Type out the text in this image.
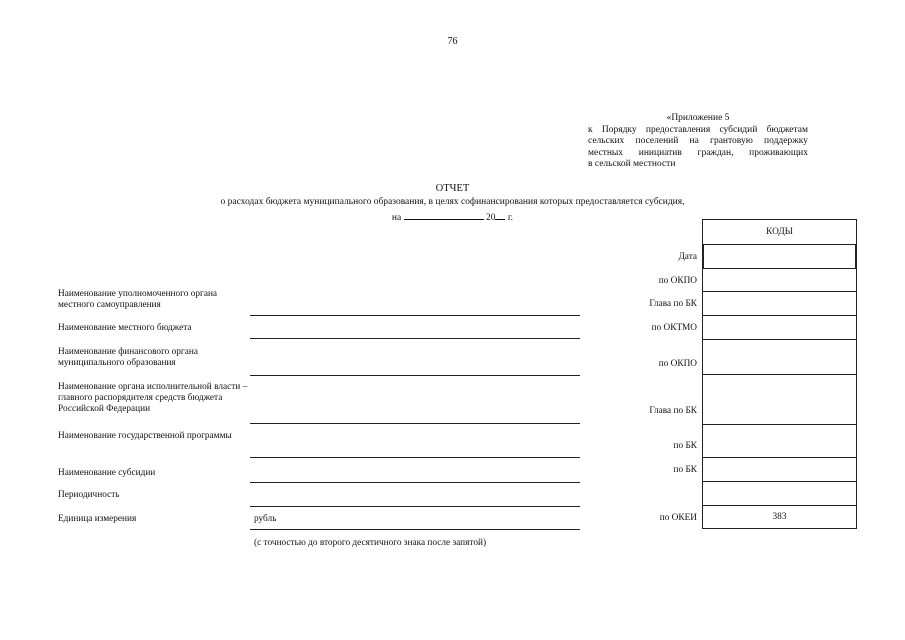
76
«Приложение 5
к Порядку предоставления субсидий бюджетам
сельских поселений на грантовую поддержку
местных инициатив граждан, проживающих
в сельской местности
ОТЧЕТ
о расходах бюджета муниципального образования, в целях софинансирования которых предоставляется субсидия,
на	20 г.
Наименование уполномоченного органа местного самоуправления
Наименование местного бюджета
Наименование финансового органа муниципального образования
Наименование органа исполнительной власти – главного распорядителя средств бюджета Российской Федерации
Наименование государственной программы
Наименование субсидии
Периодичность
Единица измерения	рубль
(с точностью до второго десятичного знака после запятой)
Дата
по ОКПО
Глава по БК
по ОКТМО
по ОКПО
Глава по БК
по БК
по БК
по ОКЕИ
КОДЫ
383
